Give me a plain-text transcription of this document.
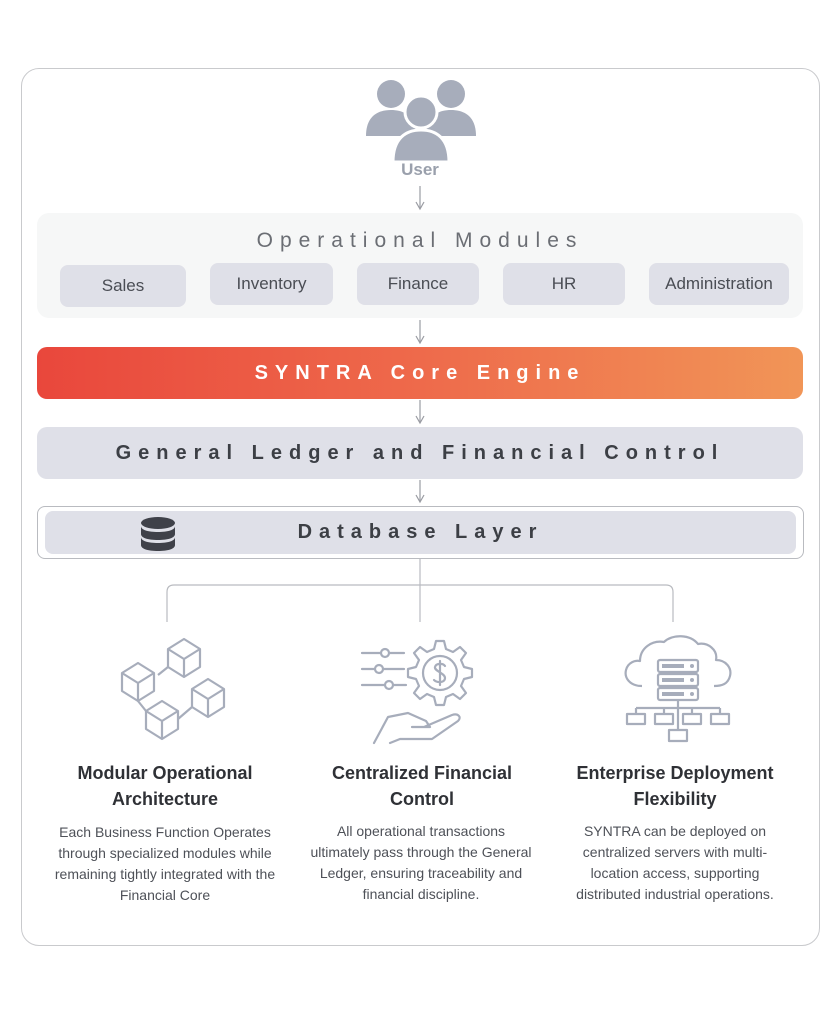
User
Operational Modules
Sales	Inventory	Finance	HR	Administration
SYNTRA Core Engine
General Ledger and Financial Control
Database Layer
Modular Operational Architecture
Each Business Function Operates through specialized modules while remaining tightly integrated with the Financial Core
Centralized Financial Control
All operational transactions ultimately pass through the General Ledger, ensuring traceability and financial discipline.
Enterprise Deployment Flexibility
SYNTRA can be deployed on centralized servers with multi-location access, supporting distributed industrial operations.
